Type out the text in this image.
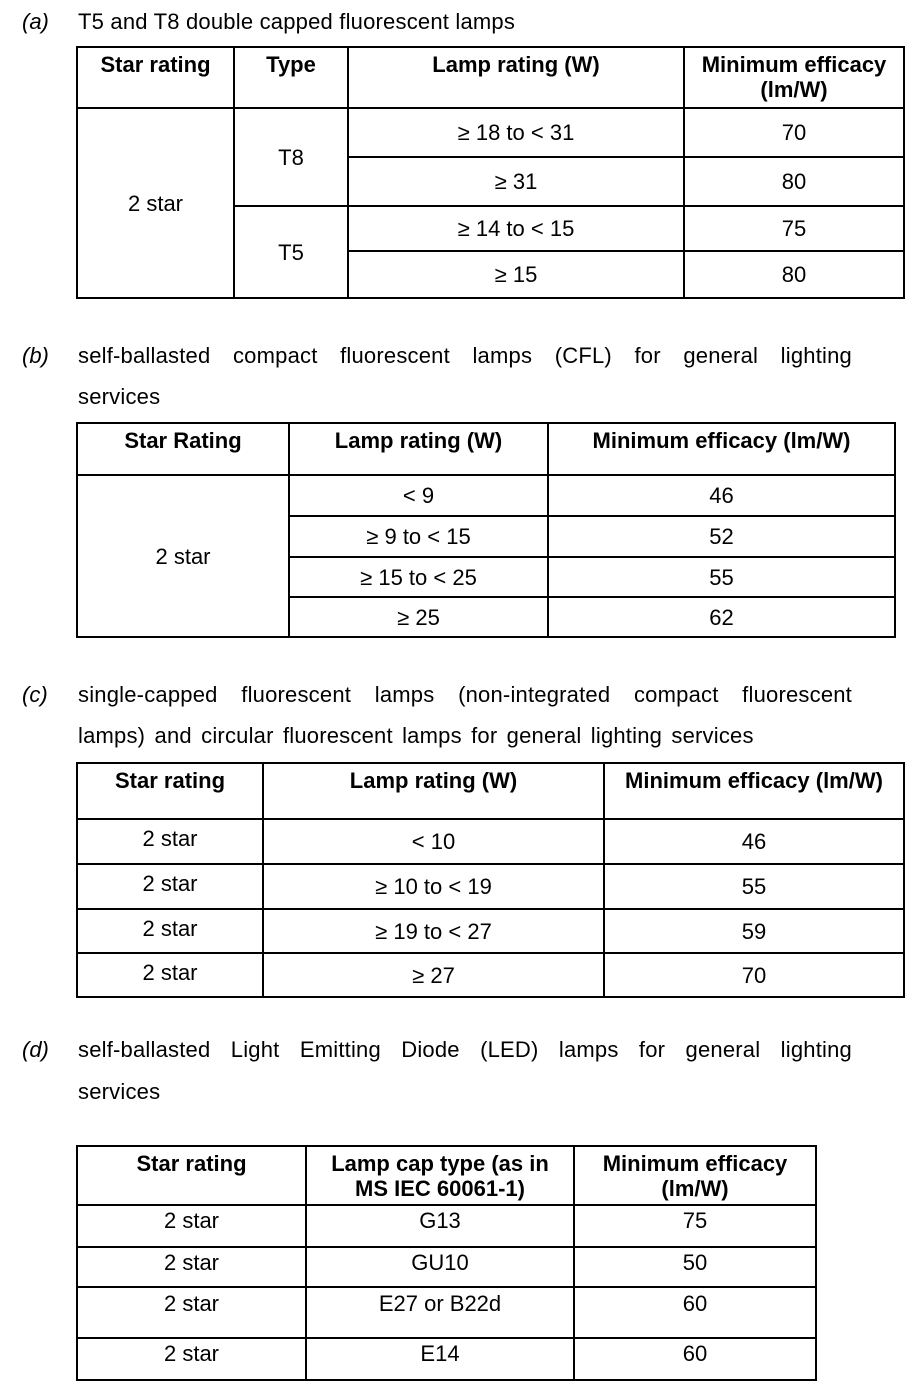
(a) T5 and T8 double capped fluorescent lamps
Star rating	Type	Lamp rating (W)	Minimum efficacy (lm/W)
2 star	T8	≥ 18 to < 31	70
		≥ 31	80
	T5	≥ 14 to < 15	75
		≥ 15	80
(b) self-ballasted compact fluorescent lamps (CFL) for general lighting
services
Star Rating	Lamp rating (W)	Minimum efficacy (lm/W)
2 star	< 9	46
	≥ 9 to < 15	52
	≥ 15 to < 25	55
	≥ 25	62
(c) single-capped fluorescent lamps (non-integrated compact fluorescent
lamps) and circular fluorescent lamps for general lighting services
Star rating	Lamp rating (W)	Minimum efficacy (lm/W)
2 star	< 10	46
2 star	≥ 10 to < 19	55
2 star	≥ 19 to < 27	59
2 star	≥ 27	70
(d) self-ballasted Light Emitting Diode (LED) lamps for general lighting
services
Star rating	Lamp cap type (as in MS IEC 60061-1)	Minimum efficacy (lm/W)
2 star	G13	75
2 star	GU10	50
2 star	E27 or B22d	60
2 star	E14	60
